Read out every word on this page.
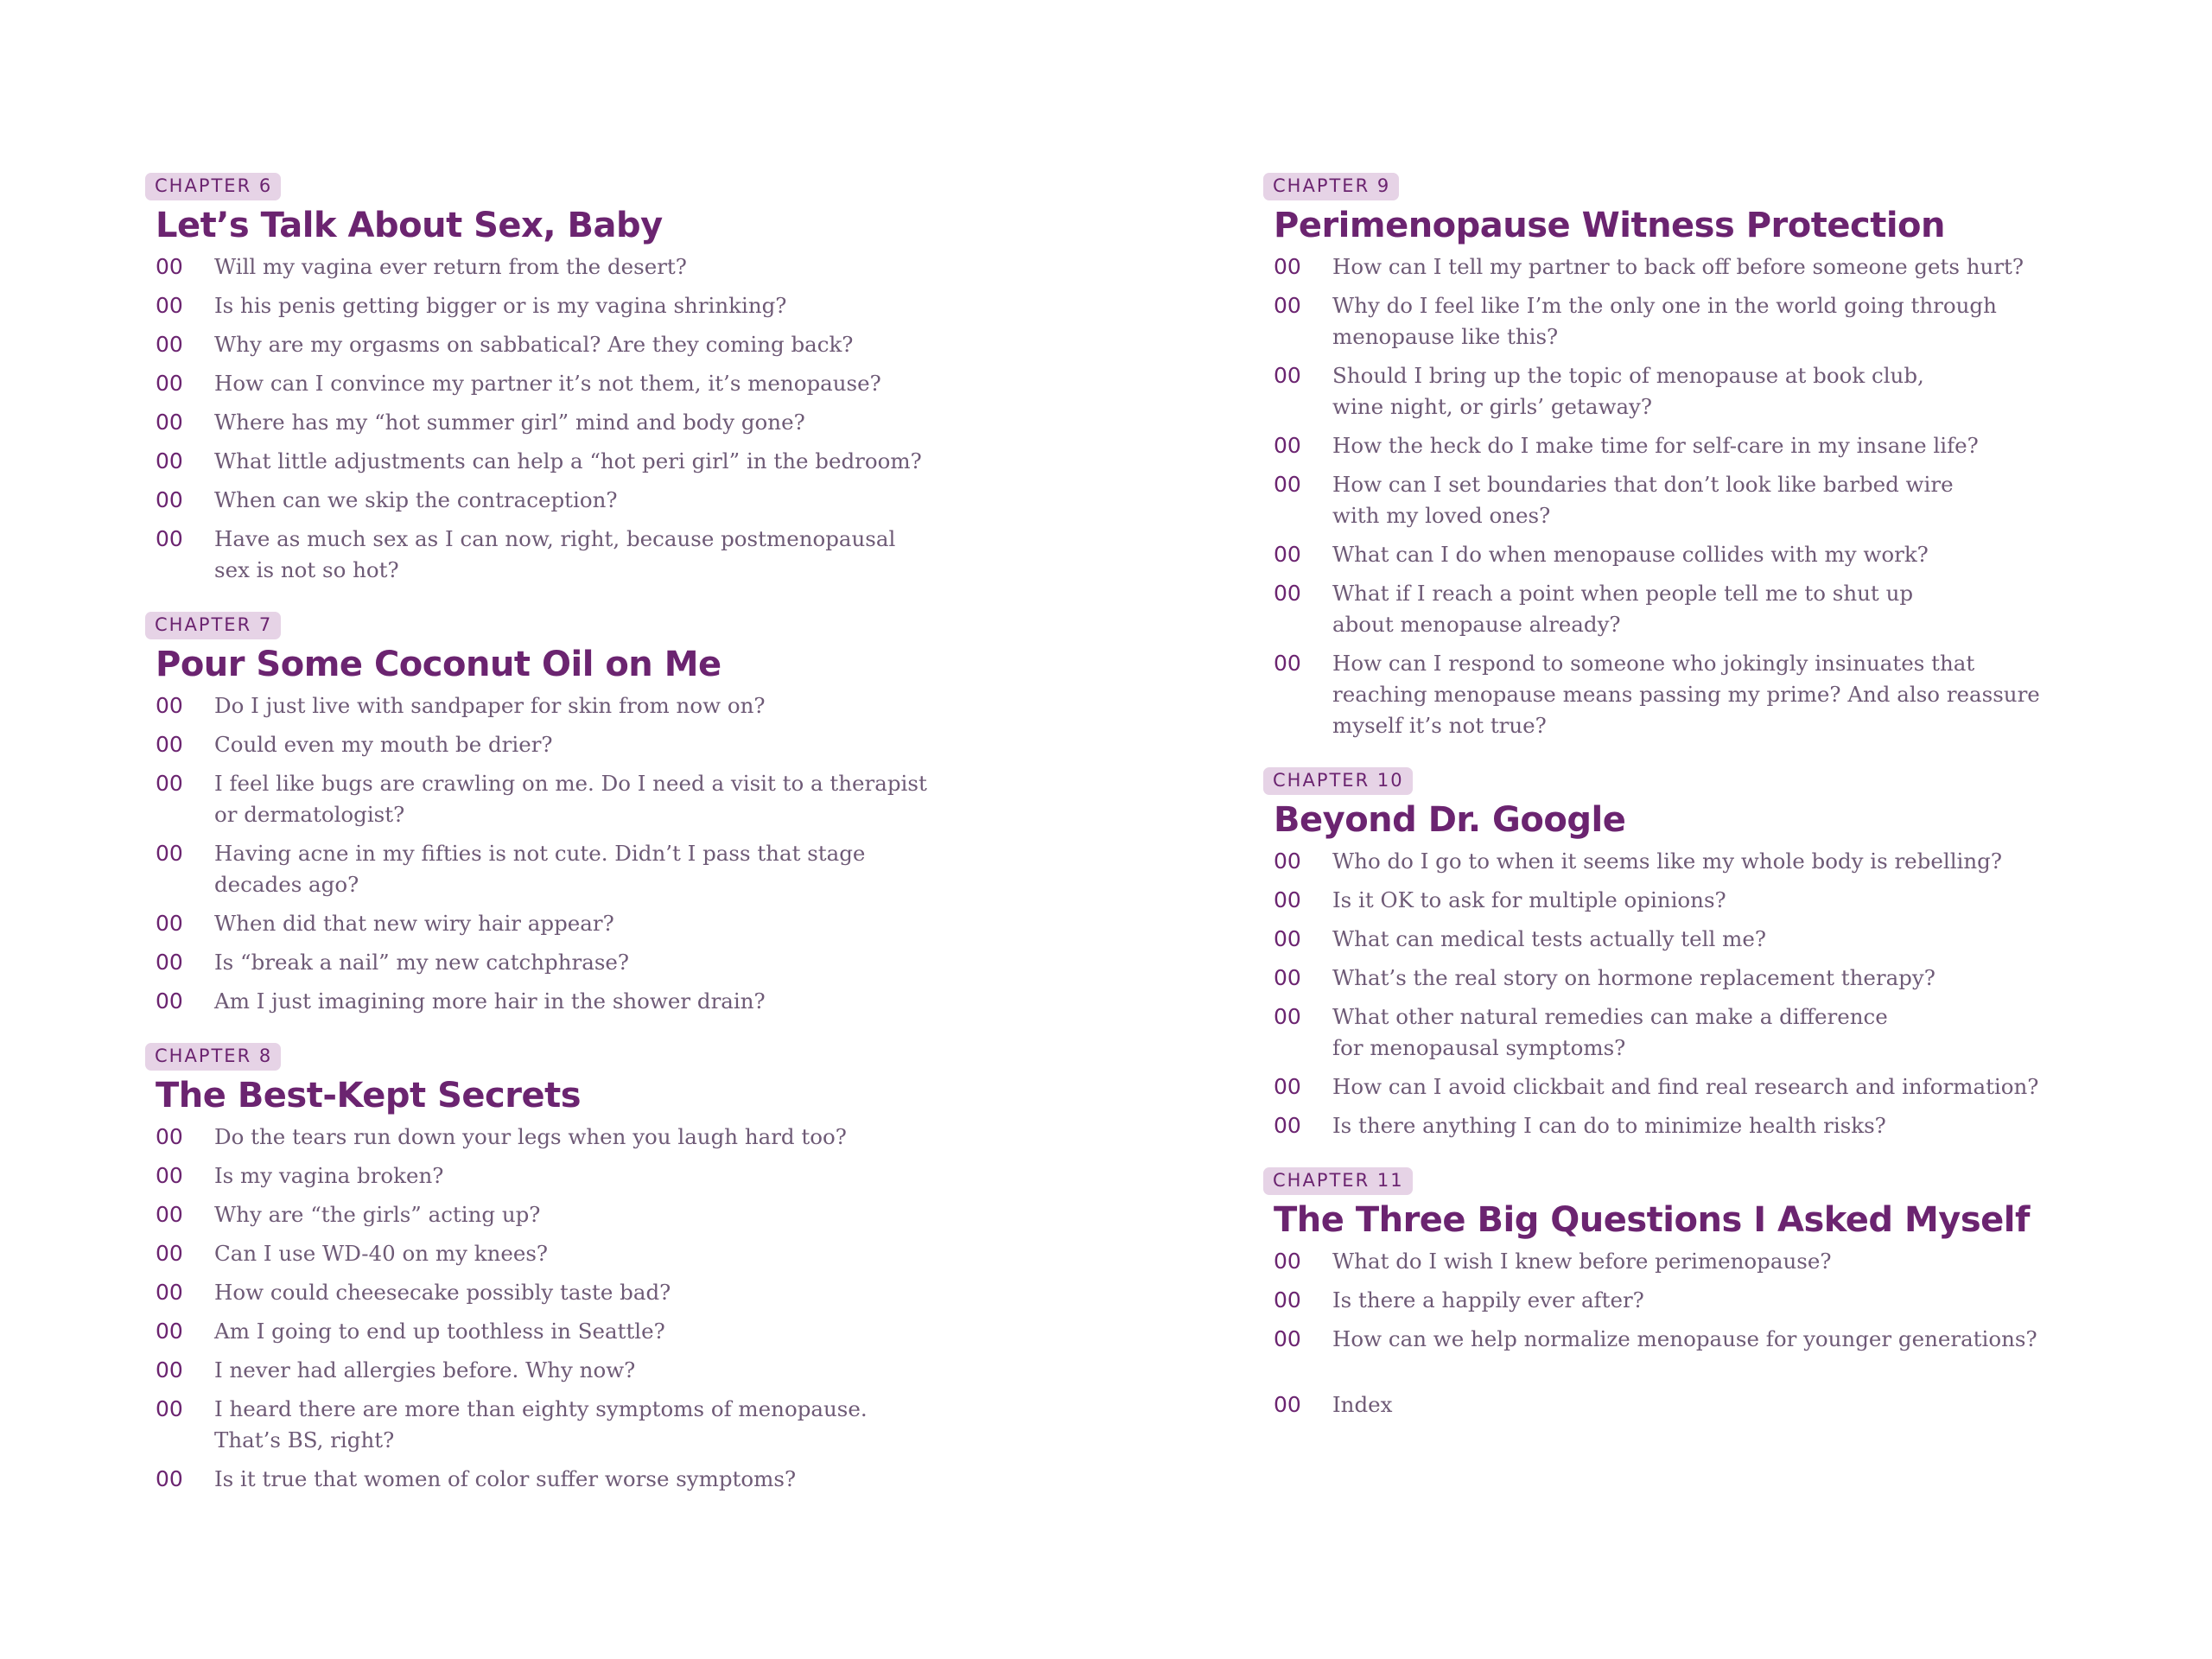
CHAPTER 6
Let’s Talk About Sex, Baby
00	Will my vagina ever return from the desert?
00	Is his penis getting bigger or is my vagina shrinking?
00	Why are my orgasms on sabbatical? Are they coming back?
00	How can I convince my partner it’s not them, it’s menopause?
00	Where has my “hot summer girl” mind and body gone?
00	What little adjustments can help a “hot peri girl” in the bedroom?
00	When can we skip the contraception?
00	Have as much sex as I can now, right, because postmenopausal
sex is not so hot?
CHAPTER 7
Pour Some Coconut Oil on Me
00	Do I just live with sandpaper for skin from now on?
00	Could even my mouth be drier?
00	I feel like bugs are crawling on me. Do I need a visit to a therapist
or dermatologist?
00	Having acne in my fifties is not cute. Didn’t I pass that stage
decades ago?
00	When did that new wiry hair appear?
00	Is “break a nail” my new catchphrase?
00	Am I just imagining more hair in the shower drain?
CHAPTER 8
The Best-Kept Secrets
00	Do the tears run down your legs when you laugh hard too?
00	Is my vagina broken?
00	Why are “the girls” acting up?
00	Can I use WD-40 on my knees?
00	How could cheesecake possibly taste bad?
00	Am I going to end up toothless in Seattle?
00	I never had allergies before. Why now?
00	I heard there are more than eighty symptoms of menopause.
That’s BS, right?
00	Is it true that women of color suffer worse symptoms?
CHAPTER 9
Perimenopause Witness Protection
00	How can I tell my partner to back off before someone gets hurt?
00	Why do I feel like I’m the only one in the world going through
menopause like this?
00	Should I bring up the topic of menopause at book club,
wine night, or girls’ getaway?
00	How the heck do I make time for self-care in my insane life?
00	How can I set boundaries that don’t look like barbed wire
with my loved ones?
00	What can I do when menopause collides with my work?
00	What if I reach a point when people tell me to shut up
about menopause already?
00	How can I respond to someone who jokingly insinuates that
reaching menopause means passing my prime? And also reassure
myself it’s not true?
CHAPTER 10
Beyond Dr. Google
00	Who do I go to when it seems like my whole body is rebelling?
00	Is it OK to ask for multiple opinions?
00	What can medical tests actually tell me?
00	What’s the real story on hormone replacement therapy?
00	What other natural remedies can make a difference
for menopausal symptoms?
00	How can I avoid clickbait and find real research and information?
00	Is there anything I can do to minimize health risks?
CHAPTER 11
The Three Big Questions I Asked Myself
00	What do I wish I knew before perimenopause?
00	Is there a happily ever after?
00	How can we help normalize menopause for younger generations?
00	Index
